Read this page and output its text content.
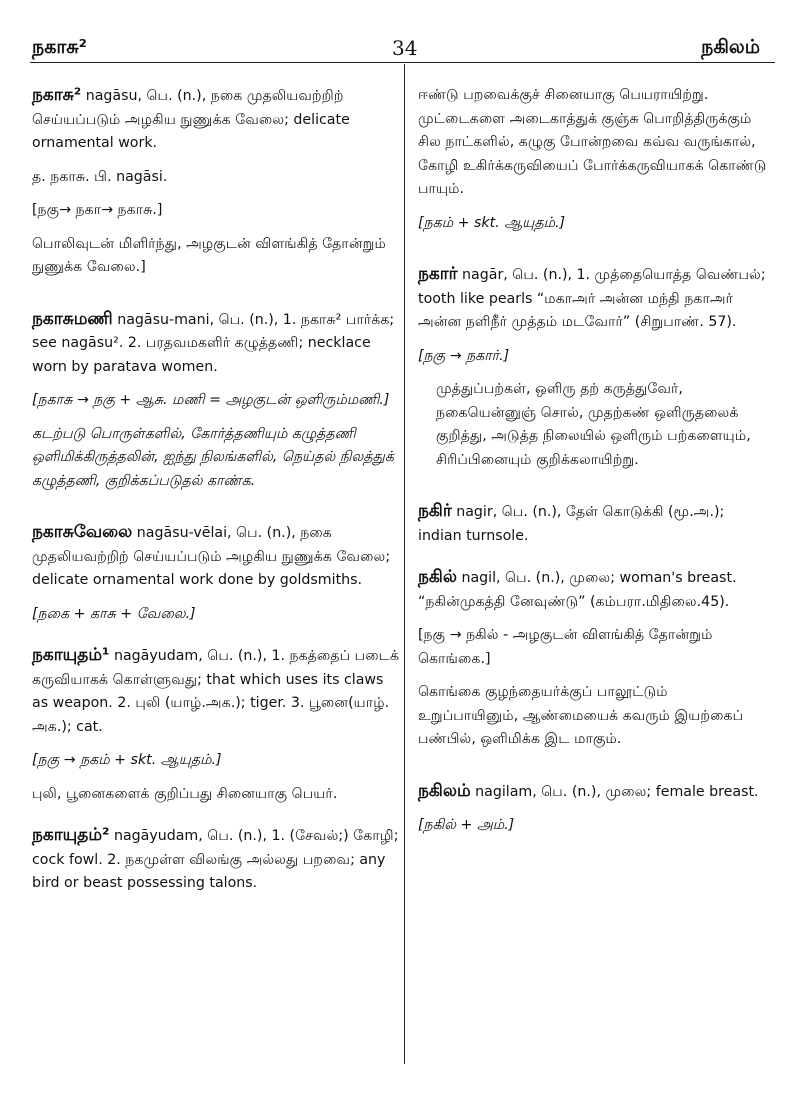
நகாசு²	34	நகிலம்

நகாசு² nagāsu, பெ. (n.), நகை முதலியவற்றிற் செய்யப்படும் அழகிய நுணுக்க வேலை; delicate ornamental work.

த. நகாசு. பி. nagāsi.

[நகு→ நகா→ நகாசு.]

பொலிவுடன் மிளிர்ந்து, அழகுடன் விளங்கித் தோன்றும் நுணுக்க வேலை.]

நகாசுமணி nagāsu-mani, பெ. (n.), 1. நகாசு² பார்க்க; see nagāsu². 2. பரதவமகளிர் கழுத்தணி; necklace worn by paratava women.

[நகாசு → நகு + ஆசு. மணி = அழகுடன் ஒளிரும்மணி.]

கடற்படு பொருள்களில், கோர்த்தணியும் கழுத்தணி ஒளிமிக்கிருத்தலின், ஐந்து நிலங்களில், நெய்தல் நிலத்துக் கழுத்தணி, குறிக்கப்படுதல் காண்க.

நகாசுவேலை nagāsu-vēlai, பெ. (n.), நகை முதலியவற்றிற் செய்யப்படும் அழகிய நுணுக்க வேலை; delicate ornamental work done by goldsmiths.

[நகை + காசு + வேலை.]

நகாயுதம்¹ nagāyudam, பெ. (n.), 1. நகத்தைப் படைக் கருவியாகக் கொள்ளுவது; that which uses its claws as weapon. 2. புலி (யாழ்.அக.); tiger. 3. பூனை(யாழ். அக.); cat.

[நகு → நகம் + skt. ஆயுதம்.]

புலி, பூனைகளைக் குறிப்பது சினையாகு பெயர்.

நகாயுதம்² nagāyudam, பெ. (n.), 1. (சேவல்;) கோழி; cock fowl. 2. நகமுள்ள விலங்கு அல்லது பறவை; any bird or beast possessing talons.

ஈண்டு பறவைக்குச் சினையாகு பெயராயிற்று. முட்டைகளை அடைகாத்துக் குஞ்சு பொறித்திருக்கும் சில நாட்களில், கழுகு போன்றவை கவ்வ வருங்கால், கோழி உகிர்க்கருவியைப் போர்க்கருவியாகக் கொண்டு பாயும்.

[நகம் + skt. ஆயுதம்.]

நகார் nagār, பெ. (n.), 1. முத்தையொத்த வெண்பல்; tooth like pearls “மகாஅர் அன்ன மந்தி நகாஅர் அன்ன நளிநீர் முத்தம் மடவோர்” (சிறுபாண். 57).

[நகு → நகார்.]

முத்துப்பற்கள், ஒளிரு தற் கருத்துவேர், நகையென்னுஞ் சொல், முதற்கண் ஒளிருதலைக் குறித்து, அடுத்த நிலையில் ஒளிரும் பற்களையும், சிரிப்பினையும் குறிக்கலாயிற்று.

நகிர் nagir, பெ. (n.), தேள் கொடுக்கி (மூ.அ.); indian turnsole.

நகில் nagil, பெ. (n.), முலை; woman's breast. “நகின்முகத்தி னேவுண்டு” (கம்பரா.மிதிலை.45).

[நகு → நகில் - அழகுடன் விளங்கித் தோன்றும் கொங்கை.]

கொங்கை குழந்தையர்க்குப் பாலூட்டும் உறுப்பாயினும், ஆண்மையைக் கவரும் இயற்கைப் பண்பில், ஒளிமிக்க இட மாகும்.

நகிலம் nagilam, பெ. (n.), முலை; female breast.

[நகில் + அம்.]
